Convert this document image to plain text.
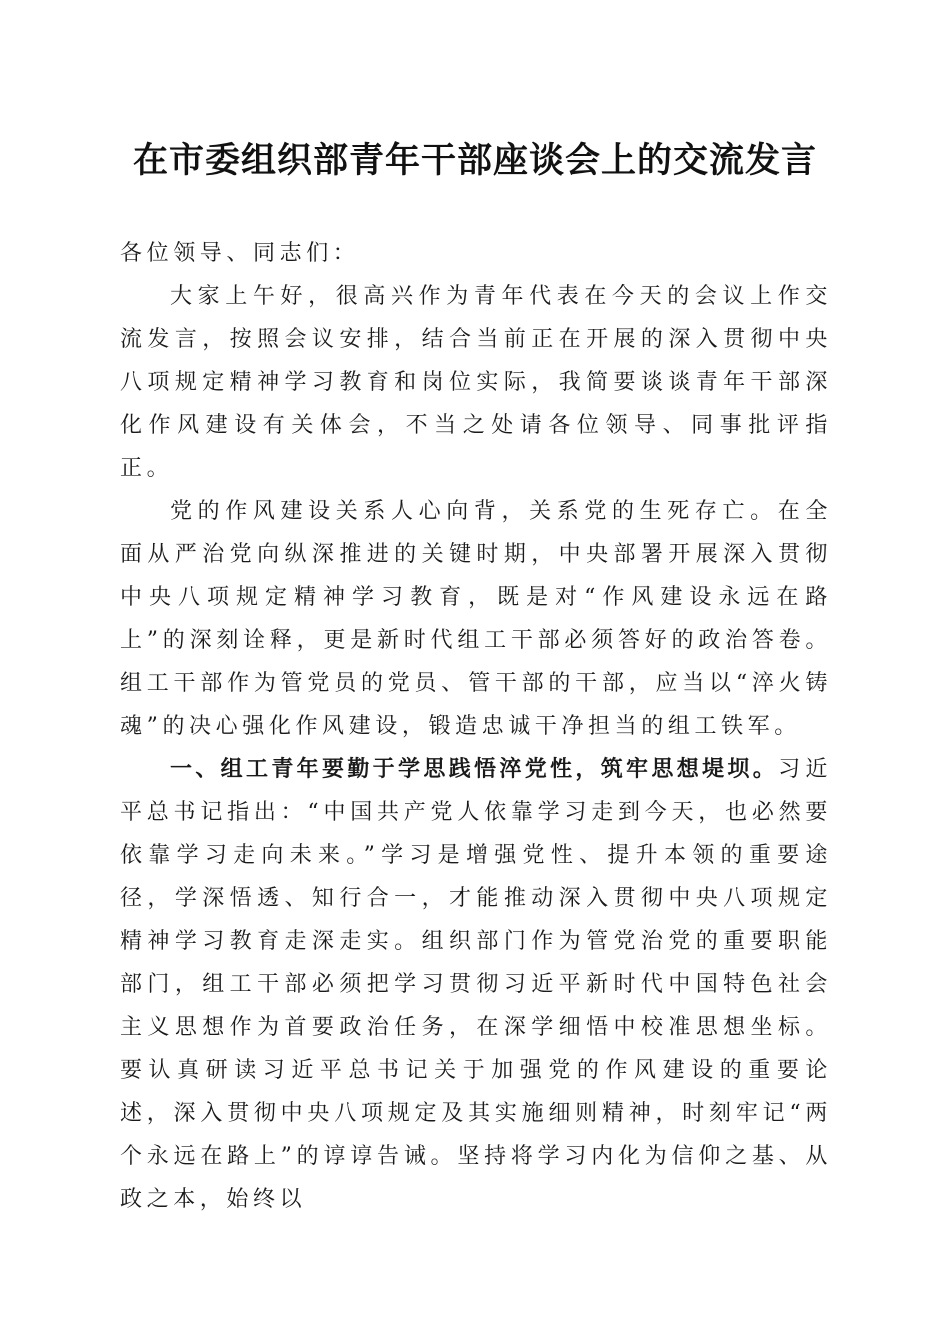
在市委组织部青年干部座谈会上的交流发言

各位领导、同志们：

大家上午好，很高兴作为青年代表在今天的会议上作交流发言，按照会议安排，结合当前正在开展的深入贯彻中央八项规定精神学习教育和岗位实际，我简要谈谈青年干部深化作风建设有关体会，不当之处请各位领导、同事批评指正。

党的作风建设关系人心向背，关系党的生死存亡。在全面从严治党向纵深推进的关键时期，中央部署开展深入贯彻中央八项规定精神学习教育，既是对“作风建设永远在路上”的深刻诠释，更是新时代组工干部必须答好的政治答卷。组工干部作为管党员的党员、管干部的干部，应当以“淬火铸魂”的决心强化作风建设，锻造忠诚干净担当的组工铁军。

一、组工青年要勤于学思践悟淬党性，筑牢思想堤坝。习近平总书记指出：“中国共产党人依靠学习走到今天，也必然要依靠学习走向未来。”学习是增强党性、提升本领的重要途径，学深悟透、知行合一，才能推动深入贯彻中央八项规定精神学习教育走深走实。组织部门作为管党治党的重要职能部门，组工干部必须把学习贯彻习近平新时代中国特色社会主义思想作为首要政治任务，在深学细悟中校准思想坐标。要认真研读习近平总书记关于加强党的作风建设的重要论述，深入贯彻中央八项规定及其实施细则精神，时刻牢记“两个永远在路上”的谆谆告诫。坚持将学习内化为信仰之基、从政之本，始终以
